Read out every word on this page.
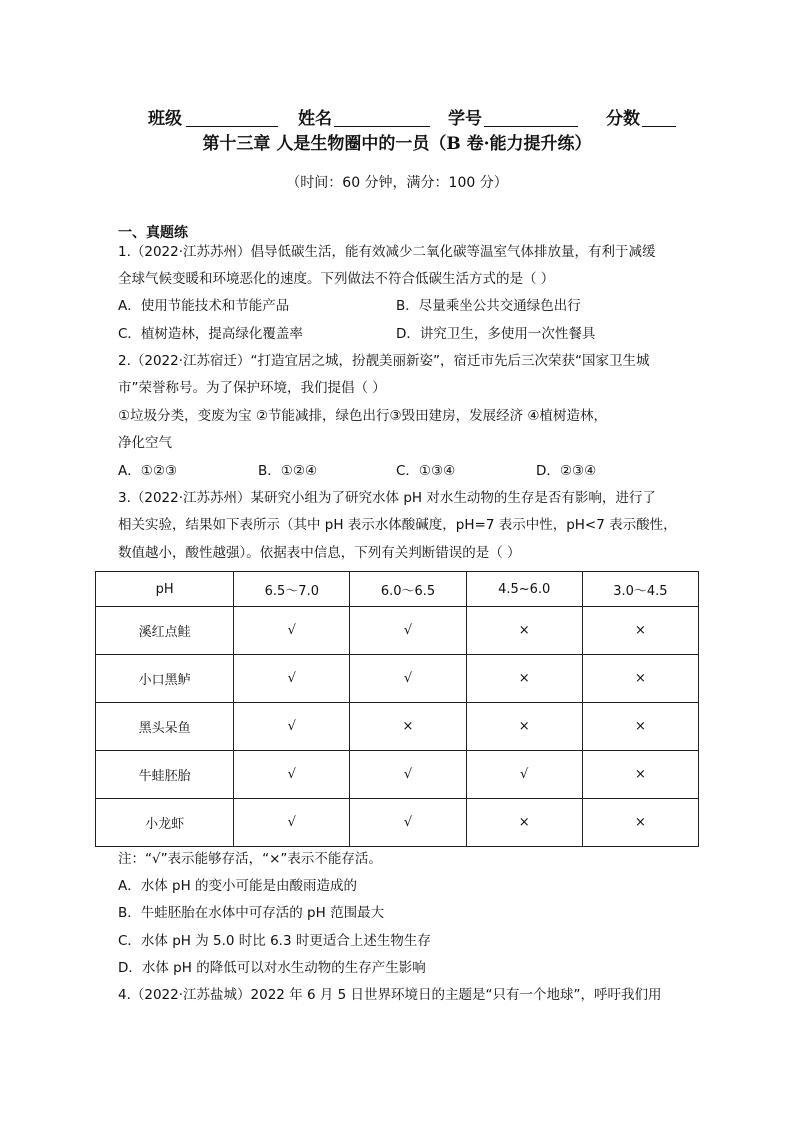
班级	姓名	学号	分数
第十三章 人是生物圈中的一员（B 卷·能力提升练）
（时间：60 分钟，满分：100 分）
一、真题练
1.（2022·江苏苏州）倡导低碳生活，能有效减少二氧化碳等温室气体排放量，有利于减缓
全球气候变暖和环境恶化的速度。下列做法不符合低碳生活方式的是（ ）
A．使用节能技术和节能产品	B．尽量乘坐公共交通绿色出行
C．植树造林，提高绿化覆盖率	D．讲究卫生，多使用一次性餐具
2.（2022·江苏宿迁）“打造宜居之城，扮靓美丽新姿”，宿迁市先后三次荣获“国家卫生城
市”荣誉称号。为了保护环境，我们提倡（ ）
①垃圾分类，变废为宝 ②节能减排，绿色出行③毁田建房，发展经济 ④植树造林，
净化空气
A．①②③	B．①②④	C．①③④	D．②③④
3.（2022·江苏苏州）某研究小组为了研究水体 pH 对水生动物的生存是否有影响，进行了
相关实验，结果如下表所示（其中 pH 表示水体酸碱度，pH=7 表示中性，pH<7 表示酸性，
数值越小，酸性越强）。依据表中信息，下列有关判断错误的是（ ）
pH	6.5～7.0	6.0～6.5	4.5~6.0	3.0～4.5
溪红点鲑	√	√	×	×
小口黑鲈	√	√	×	×
黑头呆鱼	√	×	×	×
牛蛙胚胎	√	√	√	×
小龙虾	√	√	×	×
注：“√”表示能够存活，“×”表示不能存活。
A．水体 pH 的变小可能是由酸雨造成的
B．牛蛙胚胎在水体中可存活的 pH 范围最大
C．水体 pH 为 5.0 时比 6.3 时更适合上述生物生存
D．水体 pH 的降低可以对水生动物的生存产生影响
4.（2022·江苏盐城）2022 年 6 月 5 日世界环境日的主题是“只有一个地球”，呼吁我们用
